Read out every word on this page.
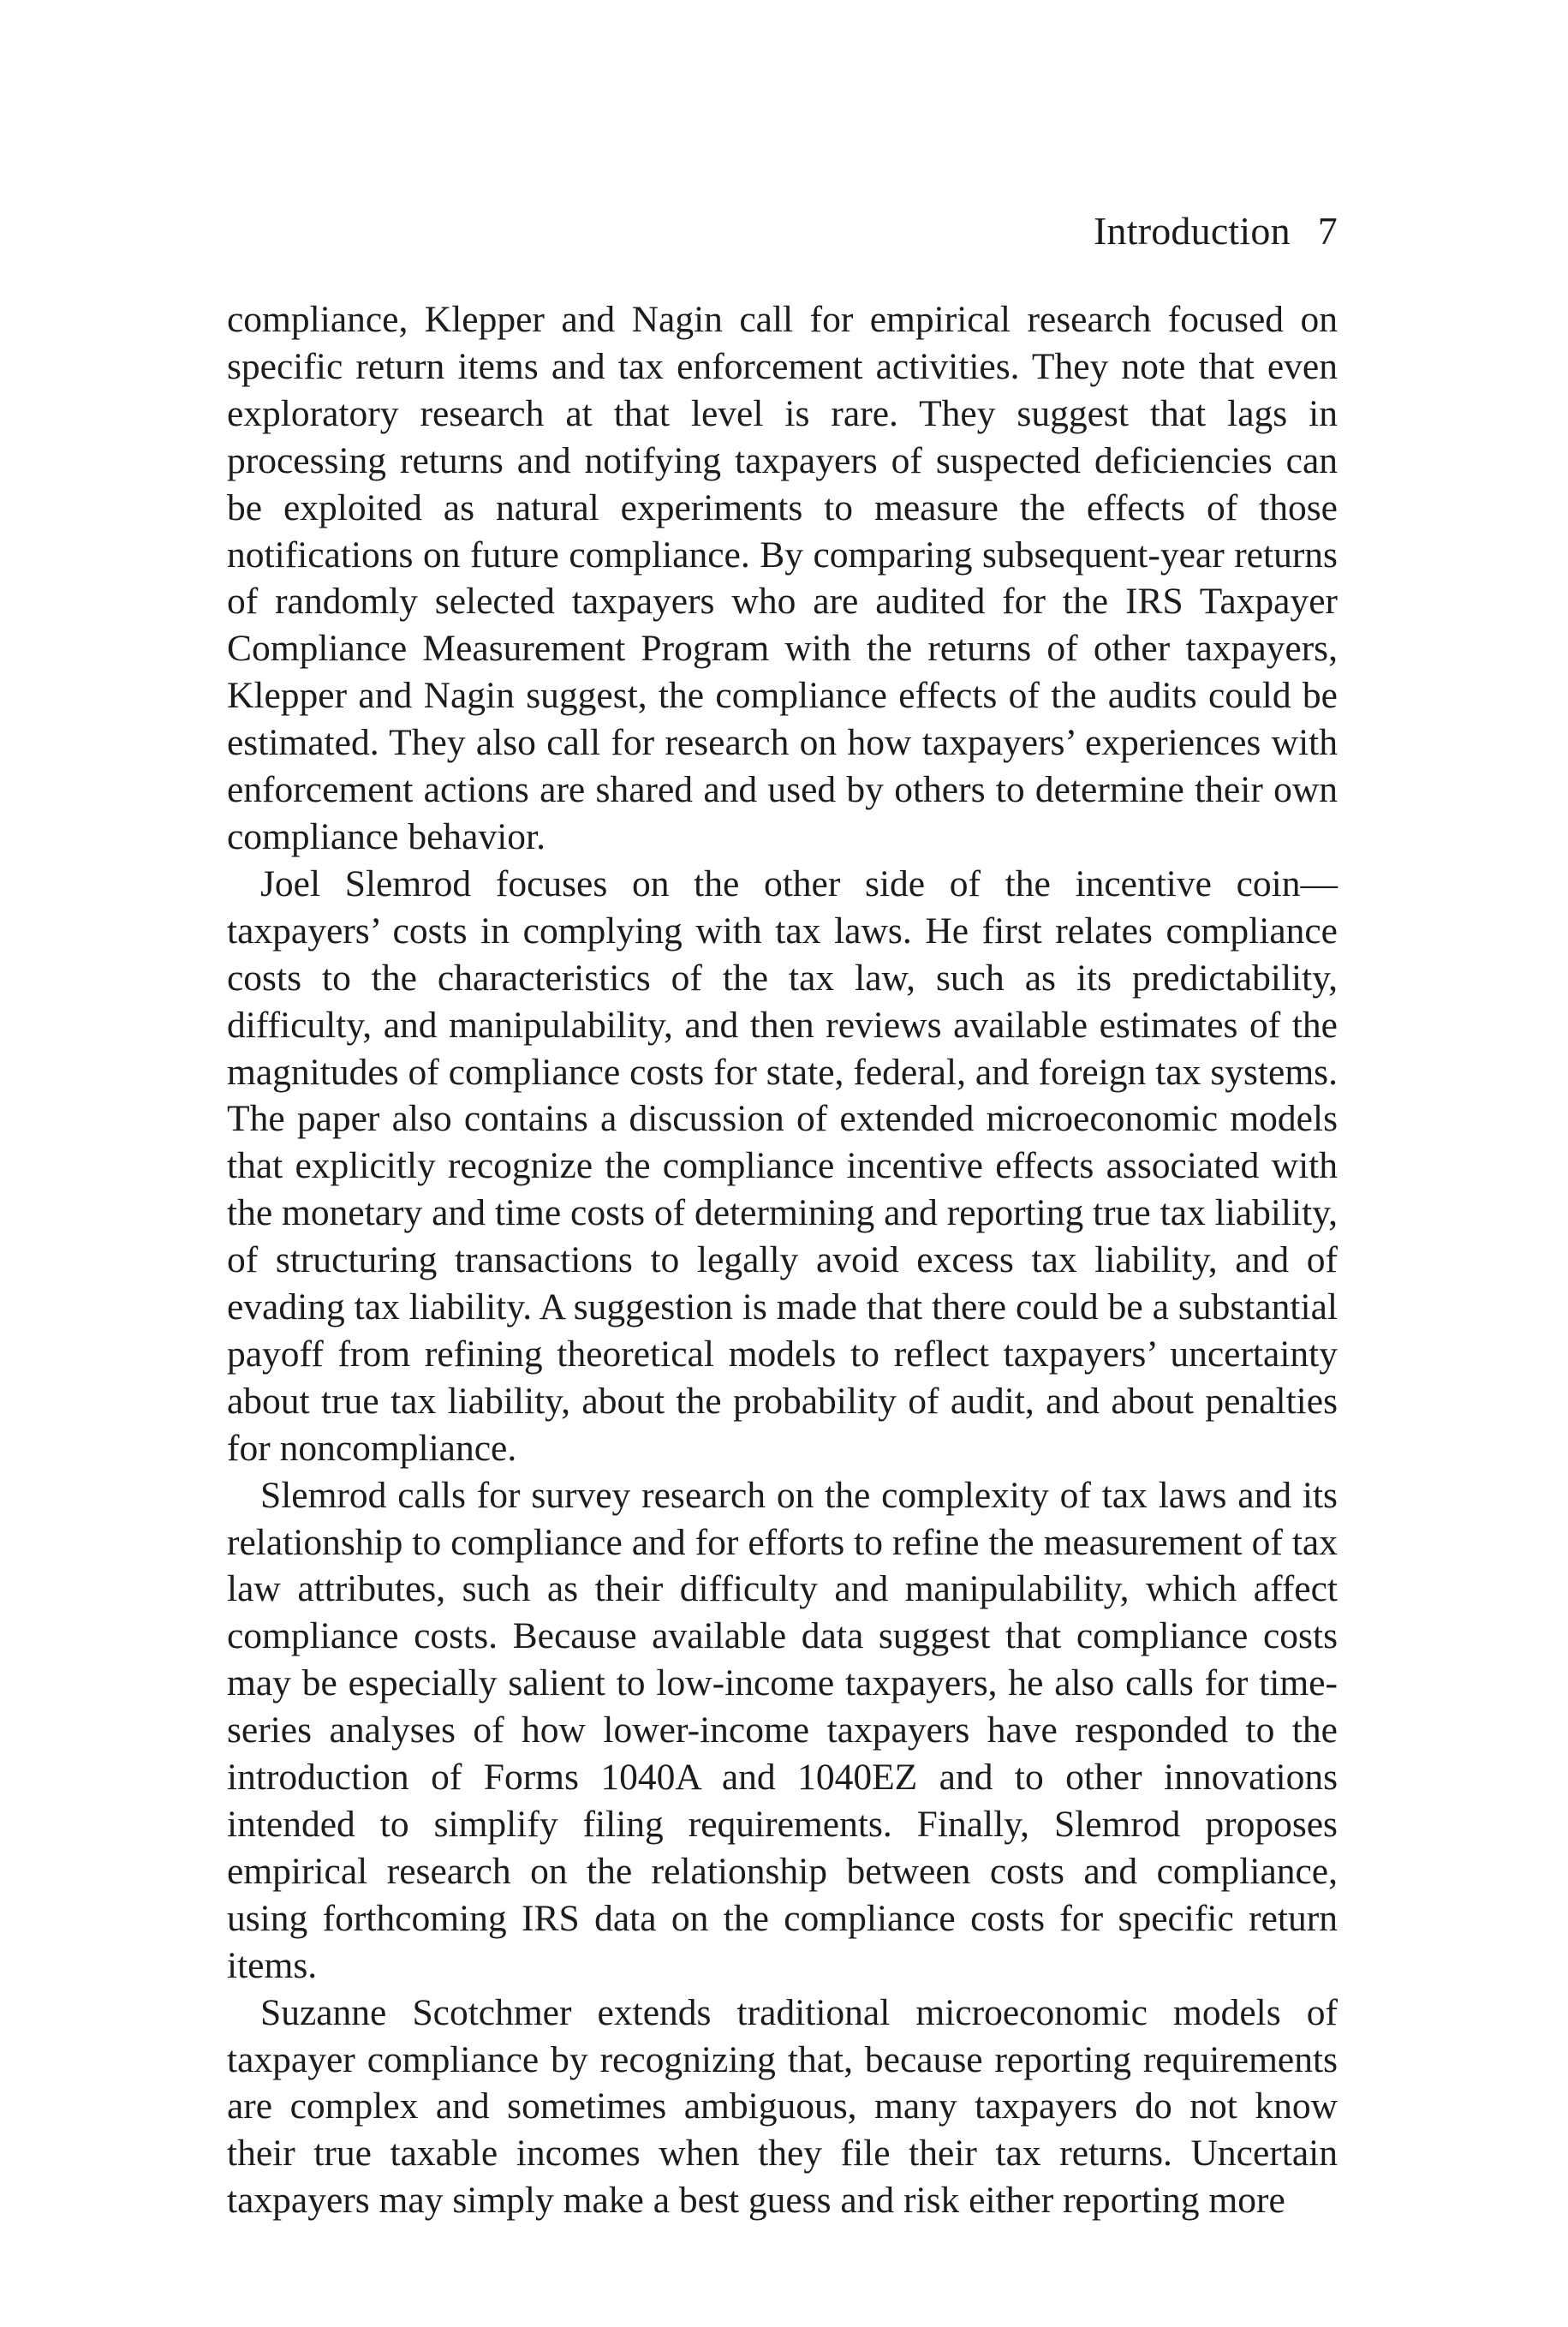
Introduction 7

compliance, Klepper and Nagin call for empirical research focused on specific return items and tax enforcement activities. They note that even exploratory research at that level is rare. They suggest that lags in processing returns and notifying taxpayers of suspected deficiencies can be exploited as natural experiments to measure the effects of those notifications on future compliance. By comparing subsequent-year returns of randomly selected taxpayers who are audited for the IRS Taxpayer Compliance Measurement Program with the returns of other taxpayers, Klepper and Nagin suggest, the compliance effects of the audits could be estimated. They also call for research on how taxpayers’ experiences with enforcement actions are shared and used by others to determine their own compliance behavior.

Joel Slemrod focuses on the other side of the incentive coin—taxpayers’ costs in complying with tax laws. He first relates compliance costs to the characteristics of the tax law, such as its predictability, difficulty, and manipulability, and then reviews available estimates of the magnitudes of compliance costs for state, federal, and foreign tax systems. The paper also contains a discussion of extended microeconomic models that explicitly recognize the compliance incentive effects associated with the monetary and time costs of determining and reporting true tax liability, of structuring transactions to legally avoid excess tax liability, and of evading tax liability. A suggestion is made that there could be a substantial payoff from refining theoretical models to reflect taxpayers’ uncertainty about true tax liability, about the probability of audit, and about penalties for noncompliance.

Slemrod calls for survey research on the complexity of tax laws and its relationship to compliance and for efforts to refine the measurement of tax law attributes, such as their difficulty and manipulability, which affect compliance costs. Because available data suggest that compliance costs may be especially salient to low-income taxpayers, he also calls for time-series analyses of how lower-income taxpayers have responded to the introduction of Forms 1040A and 1040EZ and to other innovations intended to simplify filing requirements. Finally, Slemrod proposes empirical research on the relationship between costs and compliance, using forthcoming IRS data on the compliance costs for specific return items.

Suzanne Scotchmer extends traditional microeconomic models of taxpayer compliance by recognizing that, because reporting requirements are complex and sometimes ambiguous, many taxpayers do not know their true taxable incomes when they file their tax returns. Uncertain taxpayers may simply make a best guess and risk either reporting more
